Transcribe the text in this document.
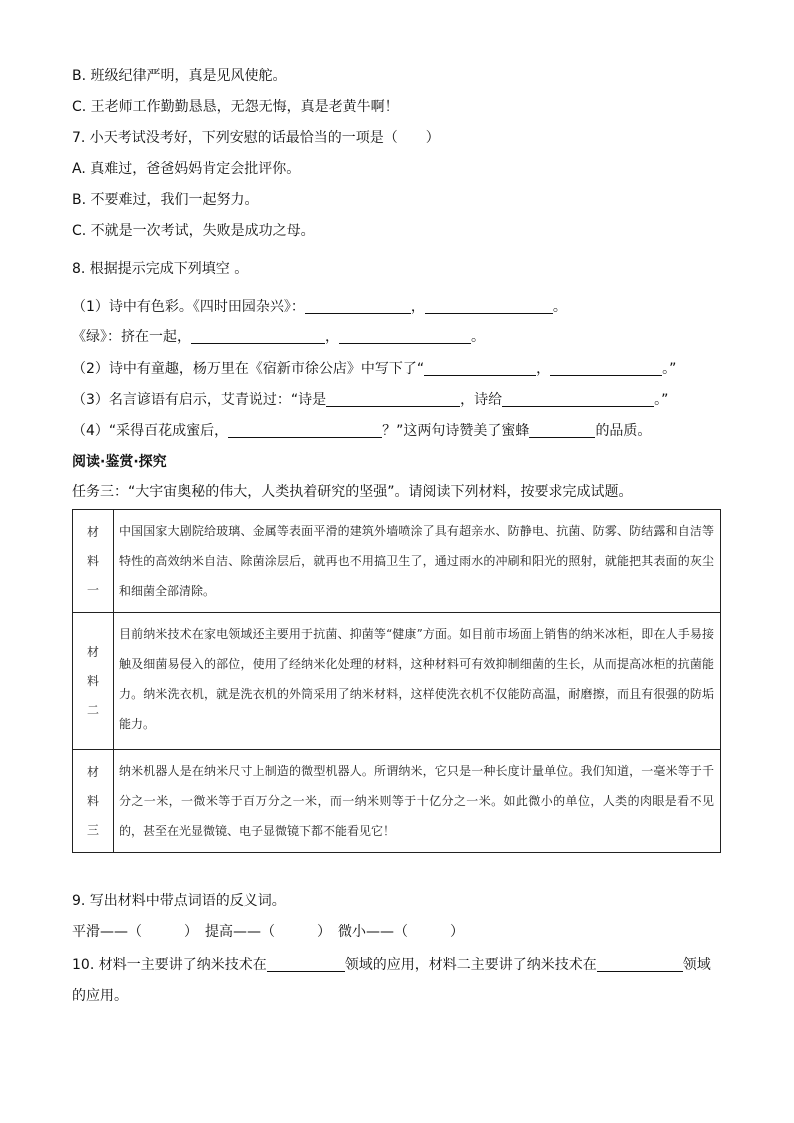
B. 班级纪律严明，真是见风使舵。
C. 王老师工作勤勤恳恳，无怨无悔，真是老黄牛啊！
7. 小天考试没考好，下列安慰的话最恰当的一项是（　　）
A. 真难过，爸爸妈妈肯定会批评你。
B. 不要难过，我们一起努力。
C. 不就是一次考试，失败是成功之母。
8. 根据提示完成下列填空 。
（1）诗中有色彩。《四时田园杂兴》：	，	。
《绿》：挤在一起，	，	。
（2）诗中有童趣，杨万里在《宿新市徐公店》中写下了“	，	。”
（3）名言谚语有启示，艾青说过：“诗是	，诗给	。”
（4）“采得百花成蜜后，	？”这两句诗赞美了蜜蜂	的品质。
阅读·鉴赏·探究
任务三：“大宇宙奥秘的伟大，人类执着研究的坚强”。请阅读下列材料，按要求完成试题。
材
料
一
中国国家大剧院给玻璃、金属等表面平滑的建筑外墙喷涂了具有超亲水、防静电、抗菌、防雾、防结露和自洁等特性的高效纳米自洁、除菌涂层后，就再也不用搞卫生了，通过雨水的冲刷和阳光的照射，就能把其表面的灰尘和细菌全部清除。
材
料
二
目前纳米技术在家电领域还主要用于抗菌、抑菌等“健康”方面。如目前市场面上销售的纳米冰柜，即在人手易接触及细菌易侵入的部位，使用了经纳米化处理的材料，这种材料可有效抑制细菌的生长，从而提高冰柜的抗菌能力。纳米洗衣机，就是洗衣机的外筒采用了纳米材料，这样使洗衣机不仅能防高温，耐磨擦，而且有很强的防垢能力。
材
料
三
纳米机器人是在纳米尺寸上制造的微型机器人。所谓纳米，它只是一种长度计量单位。我们知道，一毫米等于千分之一米，一微米等于百万分之一米，而一纳米则等于十亿分之一米。如此微小的单位，人类的肉眼是看不见的，甚至在光显微镜、电子显微镜下都不能看见它！
9. 写出材料中带点词语的反义词。
平滑——（　　　）　提高——（　　　）　微小——（　　　）
10. 材料一主要讲了纳米技术在	领域的应用，材料二主要讲了纳米技术在	领域
的应用。
